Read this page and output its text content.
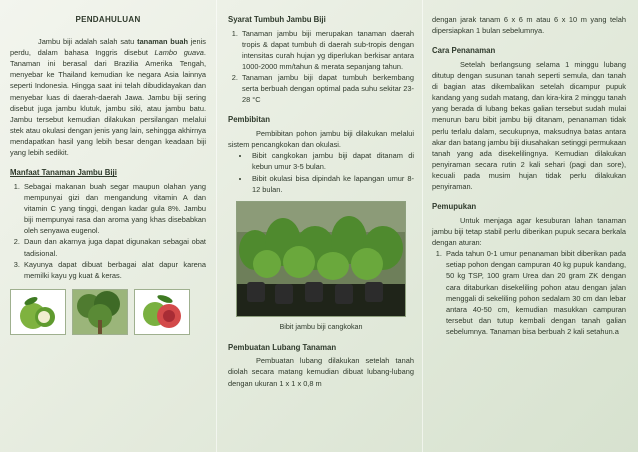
PENDAHULUAN

Jambu biji adalah salah satu tanaman buah jenis perdu, dalam bahasa Inggris disebut Lambo guava. Tanaman ini berasal dari Brazilia Amerika Tengah, menyebar ke Thailand kemudian ke negara Asia lainnya seperti Indonesia. Hingga saat ini telah dibudidayakan dan menyebar luas di daerah-daerah Jawa. Jambu biji sering disebut juga jambu klutuk, jambu siki, atau jambu batu. Jambu tersebut kemudian dilakukan persilangan melalui stek atau okulasi dengan jenis yang lain, sehingga akhirnya mendapatkan hasil yang lebih besar dengan keadaan biji yang lebih sedikit.

Manfaat Tanaman Jambu Biji
1. Sebagai makanan buah segar maupun olahan yang mempunyai gizi dan mengandung vitamin A dan vitamin C yang tinggi, dengan kadar gula 8%. Jambu biji mempunyai rasa dan aroma yang khas disebabkan oleh senyawa eugenol.
2. Daun dan akarnya juga dapat digunakan sebagai obat tadisional.
3. Kayunya dapat dibuat berbagai alat dapur karena memilki kayu yg kuat & keras.
Syarat Tumbuh Jambu Biji
1. Tanaman jambu biji merupakan tanaman daerah tropis & dapat tumbuh di daerah sub-tropis dengan intensitas curah hujan yg diperlukan berkisar antara 1000-2000 mm/tahun & merata sepanjang tahun.
2. Tanaman jambu biji dapat tumbuh berkembang serta berbuah dengan optimal pada suhu sekitar 23-28 °C
Pembibitan

Pembibitan pohon jambu biji dilakukan melalui sistem pencangkokan dan okulasi.

• Bibit cangkokan jambu biji dapat ditanam di kebun umur 3-5 bulan.
• Bibit okulasi bisa dipindah ke lapangan umur 8-12 bulan.
Bibit jambu biji cangkokan
Pembuatan Lubang Tanaman

Pembuatan lubang dilakukan setelah tanah diolah secara matang kemudian dibuat lubang-lubang dengan ukuran 1 x 1 x 0,8 m

dengan jarak tanam 6 x 6 m atau 6 x 10 m yang telah dipersiapkan 1 bulan sebelumnya.

Cara Penanaman

Setelah berlangsung selama 1 minggu lubang ditutup dengan susunan tanah seperti semula, dan tanah di bagian atas dikembalikan setelah dicampur pupuk kandang yang sudah matang, dan kira-kira 2 minggu tanah yang berada di lubang bekas galian tersebut sudah mulai menurun baru bibit jambu biji ditanam, penanaman tidak perlu terlalu dalam, secukupnya, maksudnya batas antara akar dan batang jambu biji diusahakan setinggi permukaan tanah yang ada disekelilingnya. Kemudian dilakukan penyiraman secara rutin 2 kali sehari (pagi dan sore), kecuali pada musim hujan tidak perlu dilakukan penyiraman.

Pemupukan

Untuk menjaga agar kesuburan lahan tanaman jambu biji tetap stabil perlu diberikan pupuk secara berkala dengan aturan:

1. Pada tahun 0-1 umur penanaman bibit diberikan pada setiap pohon dengan campuran 40 kg pupuk kandang, 50 kg TSP, 100 gram Urea dan 20 gram ZK dengan cara ditaburkan disekeliling pohon atau dengan jalan menggali di sekeliling pohon sedalam 30 cm dan lebar antara 40-50 cm, kemudian masukkan campuran tersebut dan tutup kembali dengan tanah galian sebelumnya. Tanaman bisa berbuah 2 kali setahun.a
